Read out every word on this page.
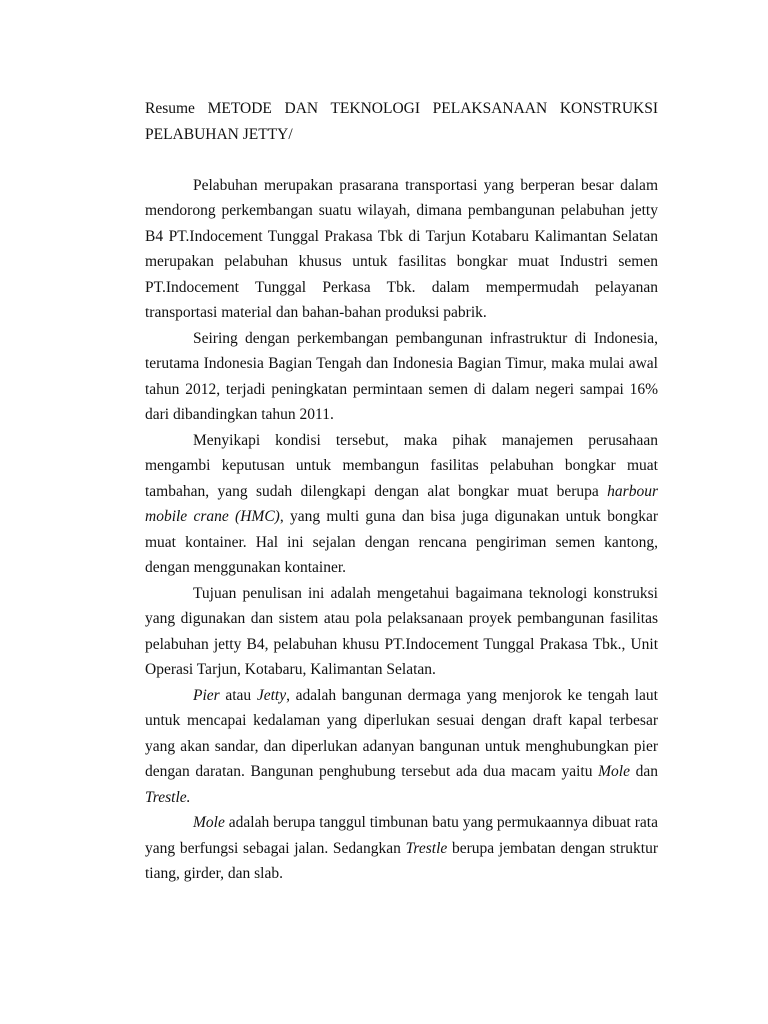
Resume METODE DAN TEKNOLOGI PELAKSANAAN KONSTRUKSI
PELABUHAN JETTY/

Pelabuhan merupakan prasarana transportasi yang berperan besar dalam mendorong perkembangan suatu wilayah, dimana pembangunan pelabuhan jetty B4 PT.Indocement Tunggal Prakasa Tbk di Tarjun Kotabaru Kalimantan Selatan merupakan pelabuhan khusus untuk fasilitas bongkar muat Industri semen PT.Indocement Tunggal Perkasa Tbk. dalam mempermudah pelayanan transportasi material dan bahan-bahan produksi pabrik.

Seiring dengan perkembangan pembangunan infrastruktur di Indonesia, terutama Indonesia Bagian Tengah dan Indonesia Bagian Timur, maka mulai awal tahun 2012, terjadi peningkatan permintaan semen di dalam negeri sampai 16% dari dibandingkan tahun 2011.

Menyikapi kondisi tersebut, maka pihak manajemen perusahaan mengambi keputusan untuk membangun fasilitas pelabuhan bongkar muat tambahan, yang sudah dilengkapi dengan alat bongkar muat berupa harbour mobile crane (HMC), yang multi guna dan bisa juga digunakan untuk bongkar muat kontainer. Hal ini sejalan dengan rencana pengiriman semen kantong, dengan menggunakan kontainer.

Tujuan penulisan ini adalah mengetahui bagaimana teknologi konstruksi yang digunakan dan sistem atau pola pelaksanaan proyek pembangunan fasilitas pelabuhan jetty B4, pelabuhan khusu PT.Indocement Tunggal Prakasa Tbk., Unit Operasi Tarjun, Kotabaru, Kalimantan Selatan.

Pier atau Jetty, adalah bangunan dermaga yang menjorok ke tengah laut untuk mencapai kedalaman yang diperlukan sesuai dengan draft kapal terbesar yang akan sandar, dan diperlukan adanyan bangunan untuk menghubungkan pier dengan daratan. Bangunan penghubung tersebut ada dua macam yaitu Mole dan Trestle.

Mole adalah berupa tanggul timbunan batu yang permukaannya dibuat rata yang berfungsi sebagai jalan. Sedangkan Trestle berupa jembatan dengan struktur tiang, girder, dan slab.
